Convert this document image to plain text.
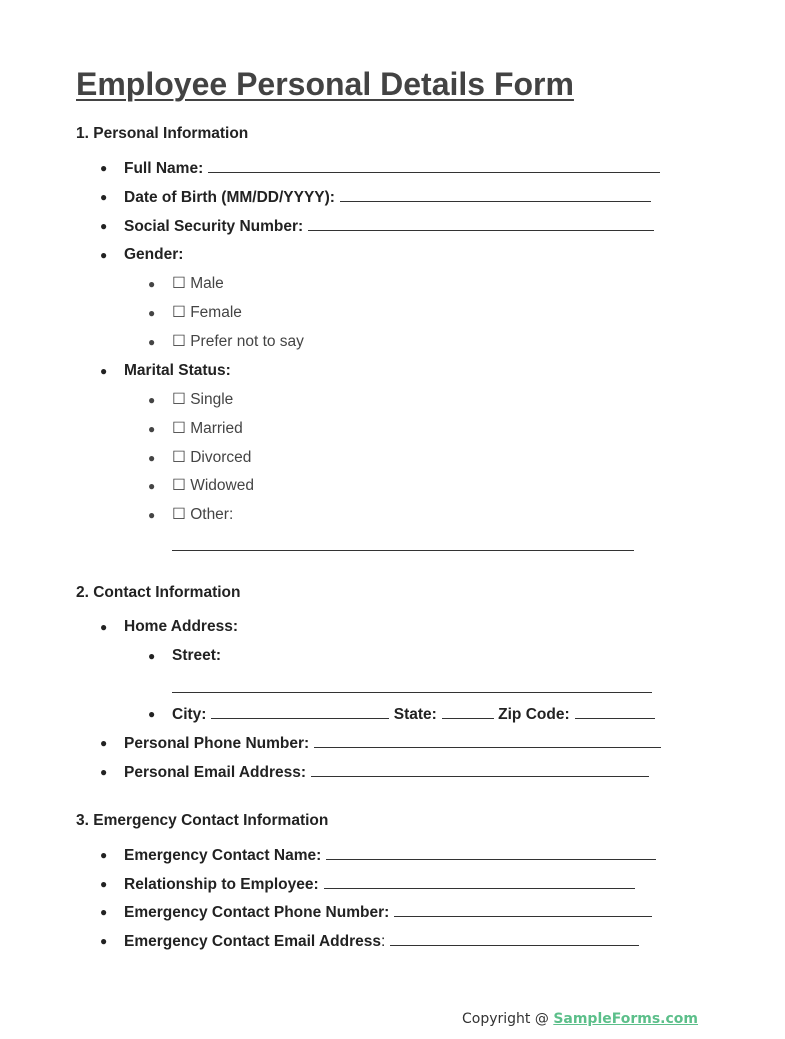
Employee Personal Details Form
1. Personal Information
● Full Name:
● Date of Birth (MM/DD/YYYY):
● Social Security Number:
● Gender:
● ☐ Male
● ☐ Female
● ☐ Prefer not to say
● Marital Status:
● ☐ Single
● ☐ Married
● ☐ Divorced
● ☐ Widowed
● ☐ Other:
2. Contact Information
● Home Address:
● Street:
● City:	State:	Zip Code:
● Personal Phone Number:
● Personal Email Address:
3. Emergency Contact Information
● Emergency Contact Name:
● Relationship to Employee:
● Emergency Contact Phone Number:
● Emergency Contact Email Address:
Copyright @ SampleForms.com
